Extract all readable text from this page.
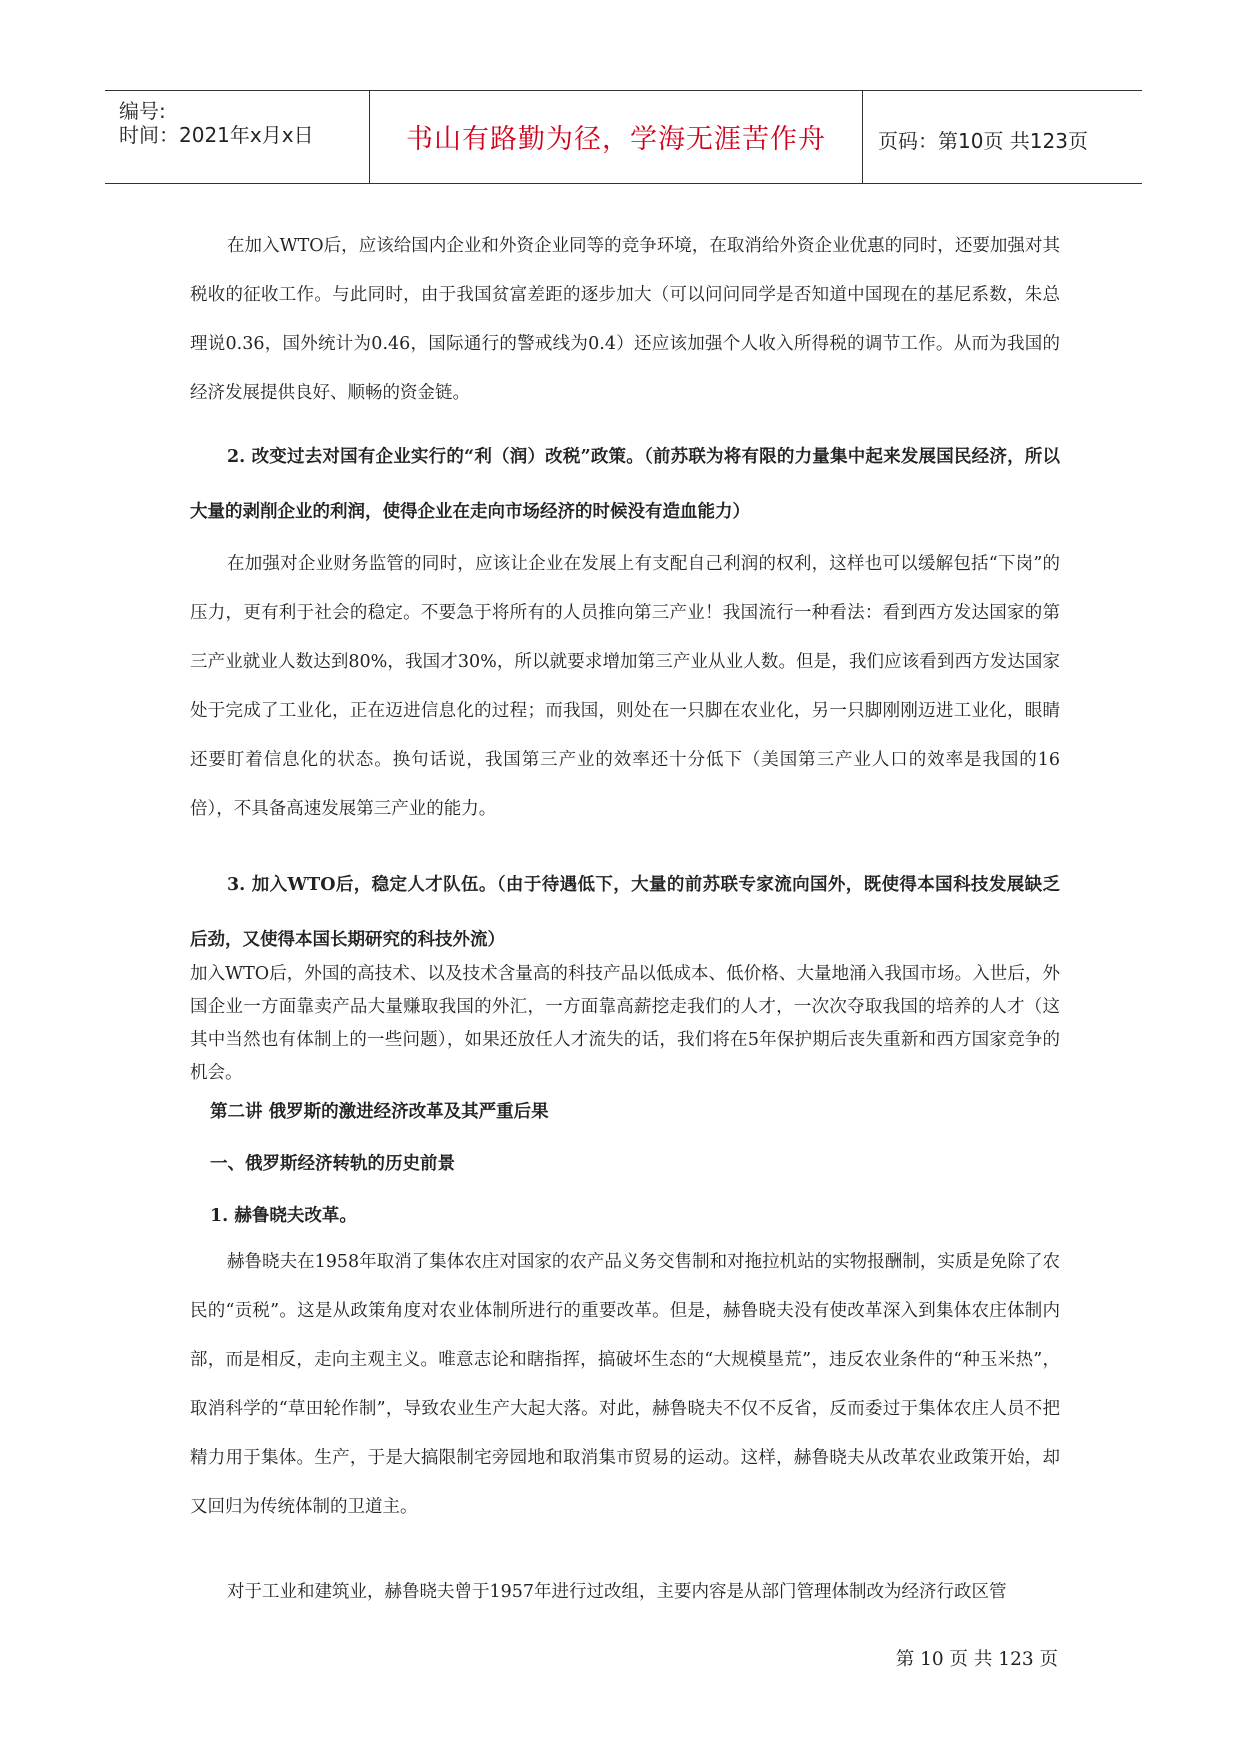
编号:
时间：2021年x月x日	书山有路勤为径，学海无涯苦作舟	页码：第10页 共123页

在加入WTO后，应该给国内企业和外资企业同等的竞争环境，在取消给外资企业优惠的同时，还要加强对其税收的征收工作。与此同时，由于我国贫富差距的逐步加大（可以问问同学是否知道中国现在的基尼系数，朱总理说0.36，国外统计为0.46，国际通行的警戒线为0.4）还应该加强个人收入所得税的调节工作。从而为我国的经济发展提供良好、顺畅的资金链。

2. 改变过去对国有企业实行的“利（润）改税”政策。（前苏联为将有限的力量集中起来发展国民经济，所以大量的剥削企业的利润，使得企业在走向市场经济的时候没有造血能力）

在加强对企业财务监管的同时，应该让企业在发展上有支配自己利润的权利，这样也可以缓解包括“下岗”的压力，更有利于社会的稳定。不要急于将所有的人员推向第三产业！我国流行一种看法：看到西方发达国家的第三产业就业人数达到80%，我国才30%，所以就要求增加第三产业从业人数。但是，我们应该看到西方发达国家处于完成了工业化，正在迈进信息化的过程；而我国，则处在一只脚在农业化，另一只脚刚刚迈进工业化，眼睛还要盯着信息化的状态。换句话说，我国第三产业的效率还十分低下（美国第三产业人口的效率是我国的16倍），不具备高速发展第三产业的能力。

3. 加入WTO后，稳定人才队伍。（由于待遇低下，大量的前苏联专家流向国外，既使得本国科技发展缺乏后劲，又使得本国长期研究的科技外流）

加入WTO后，外国的高技术、以及技术含量高的科技产品以低成本、低价格、大量地涌入我国市场。入世后，外国企业一方面靠卖产品大量赚取我国的外汇，一方面靠高薪挖走我们的人才，一次次夺取我国的培养的人才（这其中当然也有体制上的一些问题），如果还放任人才流失的话，我们将在5年保护期后丧失重新和西方国家竞争的机会。

第二讲 俄罗斯的激进经济改革及其严重后果
一、俄罗斯经济转轨的历史前景
1. 赫鲁晓夫改革。

赫鲁晓夫在1958年取消了集体农庄对国家的农产品义务交售制和对拖拉机站的实物报酬制，实质是免除了农民的“贡税”。这是从政策角度对农业体制所进行的重要改革。但是，赫鲁晓夫没有使改革深入到集体农庄体制内部，而是相反，走向主观主义。唯意志论和瞎指挥，搞破坏生态的“大规模垦荒”，违反农业条件的“种玉米热”，取消科学的“草田轮作制”，导致农业生产大起大落。对此，赫鲁晓夫不仅不反省，反而委过于集体农庄人员不把精力用于集体。生产，于是大搞限制宅旁园地和取消集市贸易的运动。这样，赫鲁晓夫从改革农业政策开始，却又回归为传统体制的卫道主。

对于工业和建筑业，赫鲁晓夫曾于1957年进行过改组，主要内容是从部门管理体制改为经济行政区管

第 10 页 共 123 页
